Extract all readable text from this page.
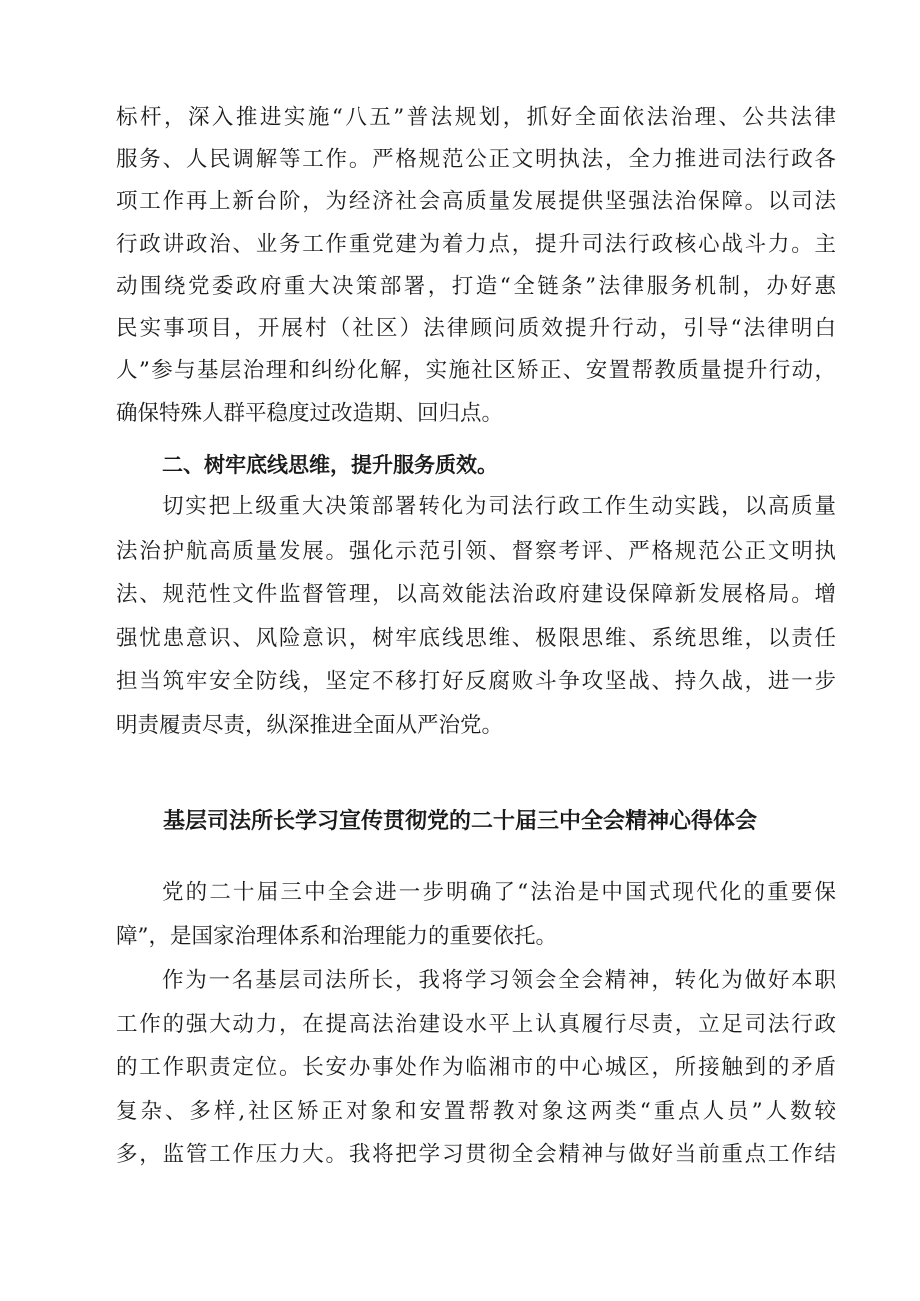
标杆，深入推进实施“八五”普法规划，抓好全面依法治理、公共法律
服务、人民调解等工作。严格规范公正文明执法，全力推进司法行政各
项工作再上新台阶，为经济社会高质量发展提供坚强法治保障。以司法
行政讲政治、业务工作重党建为着力点，提升司法行政核心战斗力。主
动围绕党委政府重大决策部署，打造“全链条”法律服务机制，办好惠
民实事项目，开展村（社区）法律顾问质效提升行动，引导“法律明白
人”参与基层治理和纠纷化解，实施社区矫正、安置帮教质量提升行动，
确保特殊人群平稳度过改造期、回归点。
二、树牢底线思维，提升服务质效。
切实把上级重大决策部署转化为司法行政工作生动实践，以高质量
法治护航高质量发展。强化示范引领、督察考评、严格规范公正文明执
法、规范性文件监督管理，以高效能法治政府建设保障新发展格局。增
强忧患意识、风险意识，树牢底线思维、极限思维、系统思维，以责任
担当筑牢安全防线，坚定不移打好反腐败斗争攻坚战、持久战，进一步
明责履责尽责，纵深推进全面从严治党。
基层司法所长学习宣传贯彻党的二十届三中全会精神心得体会
党的二十届三中全会进一步明确了“法治是中国式现代化的重要保
障”，是国家治理体系和治理能力的重要依托。
作为一名基层司法所长，我将学习领会全会精神，转化为做好本职
工作的强大动力，在提高法治建设水平上认真履行尽责，立足司法行政
的工作职责定位。长安办事处作为临湘市的中心城区，所接触到的矛盾
复杂、多样,社区矫正对象和安置帮教对象这两类“重点人员”人数较
多，监管工作压力大。我将把学习贯彻全会精神与做好当前重点工作结
